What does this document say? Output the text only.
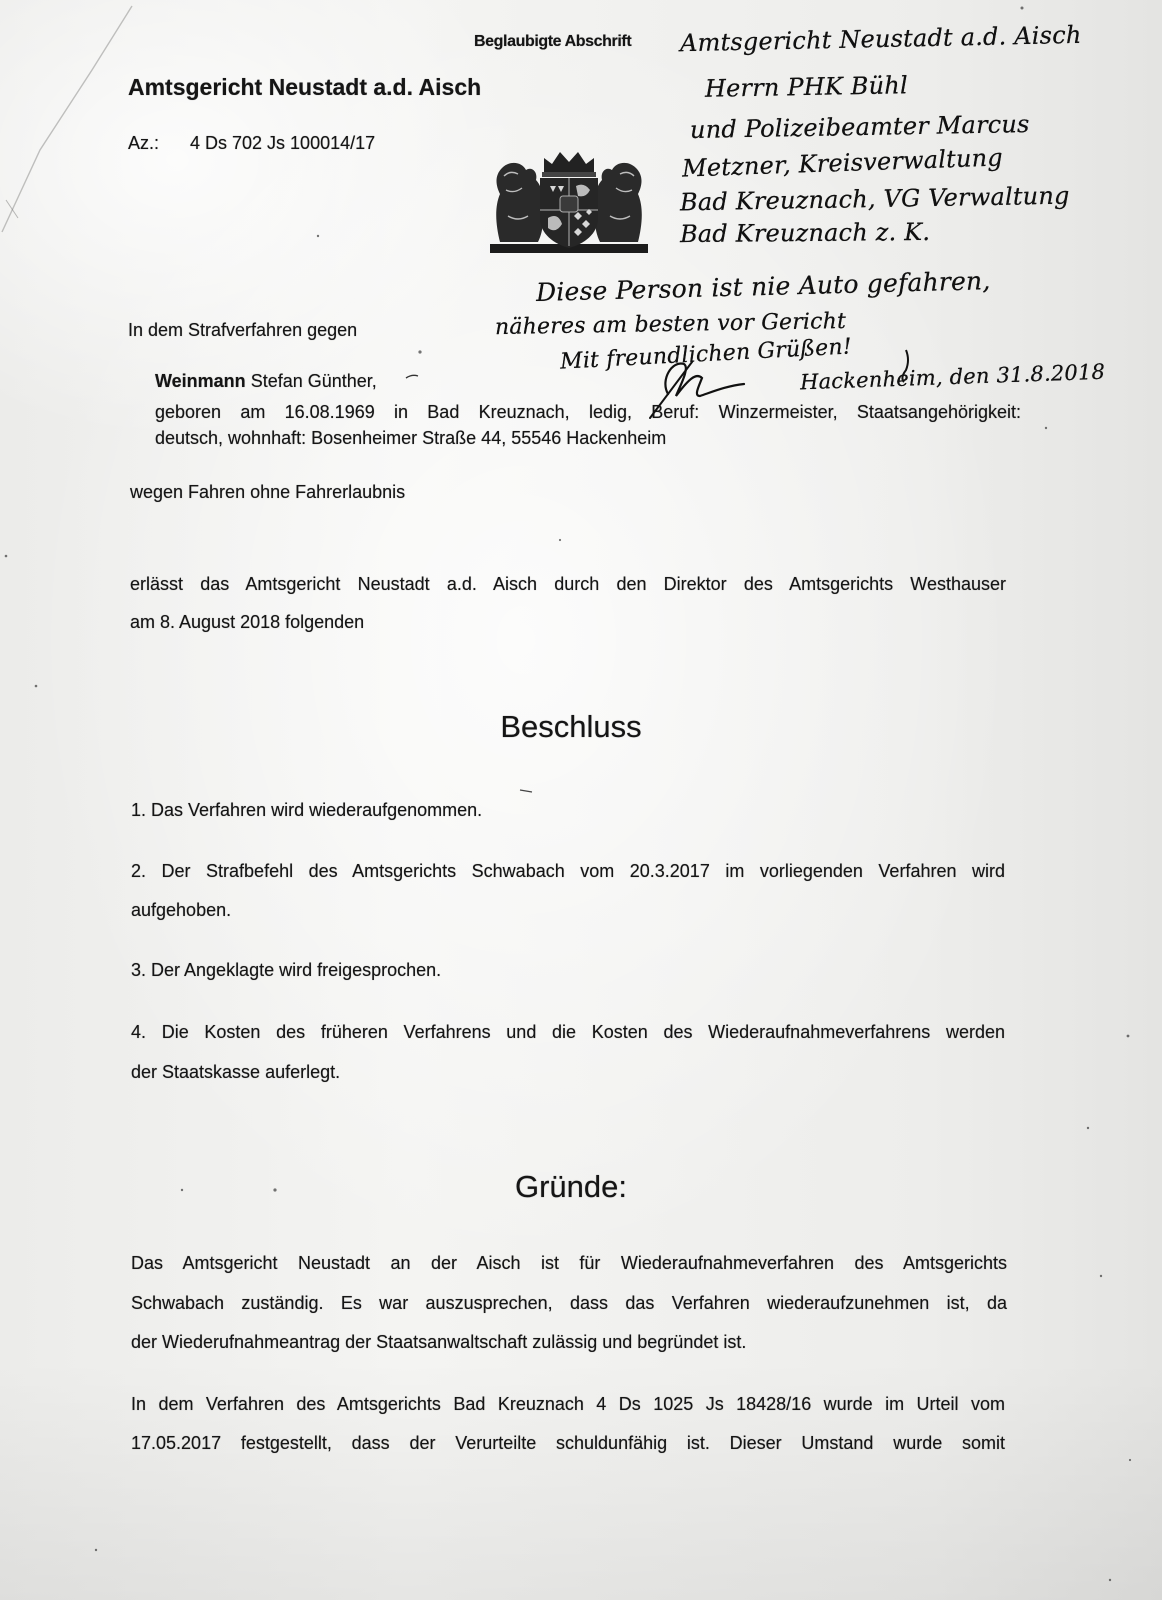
Beglaubigte Abschrift
Amtsgericht Neustadt a.d. Aisch
Az.: 4 Ds 702 Js 100014/17
Amtsgericht Neustadt a.d. Aisch
Herrn PHK Bühl
und Polizeibeamter Marcus
Metzner, Kreisverwaltung
Bad Kreuznach, VG Verwaltung
Bad Kreuznach z. K.
Diese Person ist nie Auto gefahren,
näheres am besten vor Gericht
Mit freundlichen Grüßen!
Hackenheim, den 31.8.2018
In dem Strafverfahren gegen
Weinmann Stefan Günther,
geboren am 16.08.1969 in Bad Kreuznach, ledig, Beruf: Winzermeister, Staatsangehörigkeit:
deutsch, wohnhaft: Bosenheimer Straße 44, 55546 Hackenheim
wegen Fahren ohne Fahrerlaubnis
erlässt das Amtsgericht Neustadt a.d. Aisch durch den Direktor des Amtsgerichts Westhauser
am 8. August 2018 folgenden
Beschluss
1. Das Verfahren wird wiederaufgenommen.
2. Der Strafbefehl des Amtsgerichts Schwabach vom 20.3.2017 im vorliegenden Verfahren wird
aufgehoben.
3. Der Angeklagte wird freigesprochen.
4. Die Kosten des früheren Verfahrens und die Kosten des Wiederaufnahmeverfahrens werden
der Staatskasse auferlegt.
Gründe:
Das Amtsgericht Neustadt an der Aisch ist für Wiederaufnahmeverfahren des Amtsgerichts
Schwabach zuständig. Es war auszusprechen, dass das Verfahren wiederaufzunehmen ist, da
der Wiederufnahmeantrag der Staatsanwaltschaft zulässig und begründet ist.
In dem Verfahren des Amtsgerichts Bad Kreuznach 4 Ds 1025 Js 18428/16 wurde im Urteil vom
17.05.2017 festgestellt, dass der Verurteilte schuldunfähig ist. Dieser Umstand wurde somit
